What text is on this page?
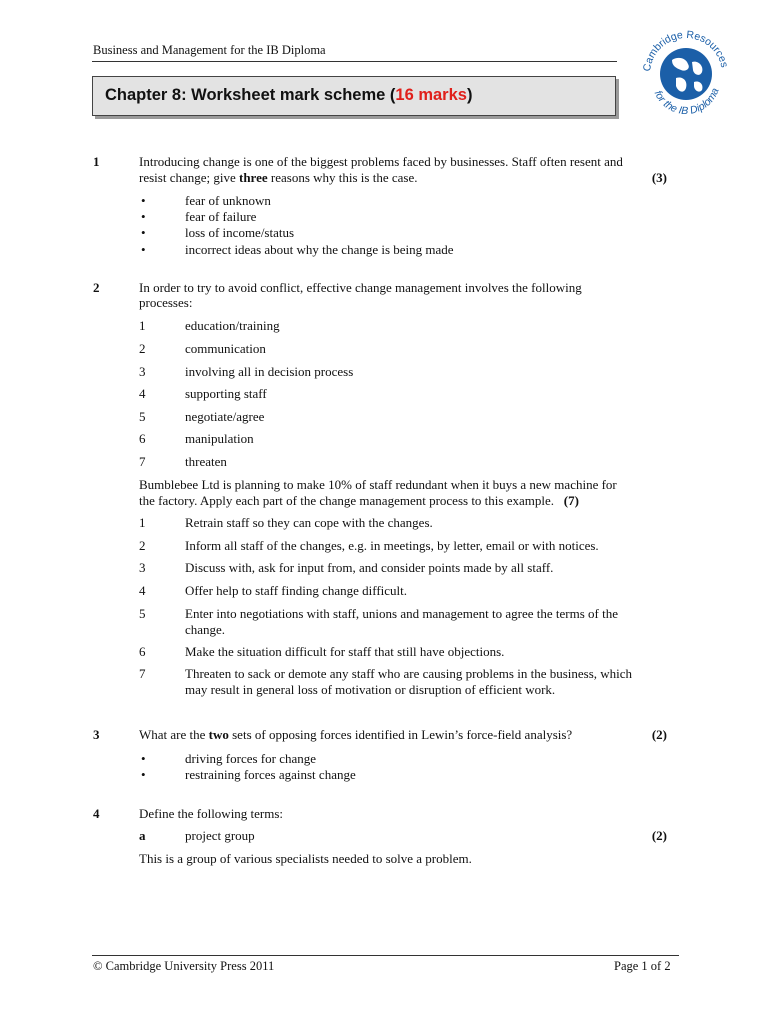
Business and Management for the IB Diploma
Chapter 8: Worksheet mark scheme (16 marks)
Cambridge Resources
for the IB Diploma
1	Introducing change is one of the biggest problems faced by businesses. Staff often resent and
resist change; give three reasons why this is the case.	(3)
•	fear of unknown
•	fear of failure
•	loss of income/status
•	incorrect ideas about why the change is being made
2	In order to try to avoid conflict, effective change management involves the following
processes:
1	education/training
2	communication
3	involving all in decision process
4	supporting staff
5	negotiate/agree
6	manipulation
7	threaten
Bumblebee Ltd is planning to make 10% of staff redundant when it buys a new machine for
the factory. Apply each part of the change management process to this example. (7)
1	Retrain staff so they can cope with the changes.
2	Inform all staff of the changes, e.g. in meetings, by letter, email or with notices.
3	Discuss with, ask for input from, and consider points made by all staff.
4	Offer help to staff finding change difficult.
5	Enter into negotiations with staff, unions and management to agree the terms of the
change.
6	Make the situation difficult for staff that still have objections.
7	Threaten to sack or demote any staff who are causing problems in the business, which
may result in general loss of motivation or disruption of efficient work.
3	What are the two sets of opposing forces identified in Lewin’s force-field analysis?	(2)
•	driving forces for change
•	restraining forces against change
4	Define the following terms:
a	project group	(2)
This is a group of various specialists needed to solve a problem.
© Cambridge University Press 2011	Page 1 of 2
